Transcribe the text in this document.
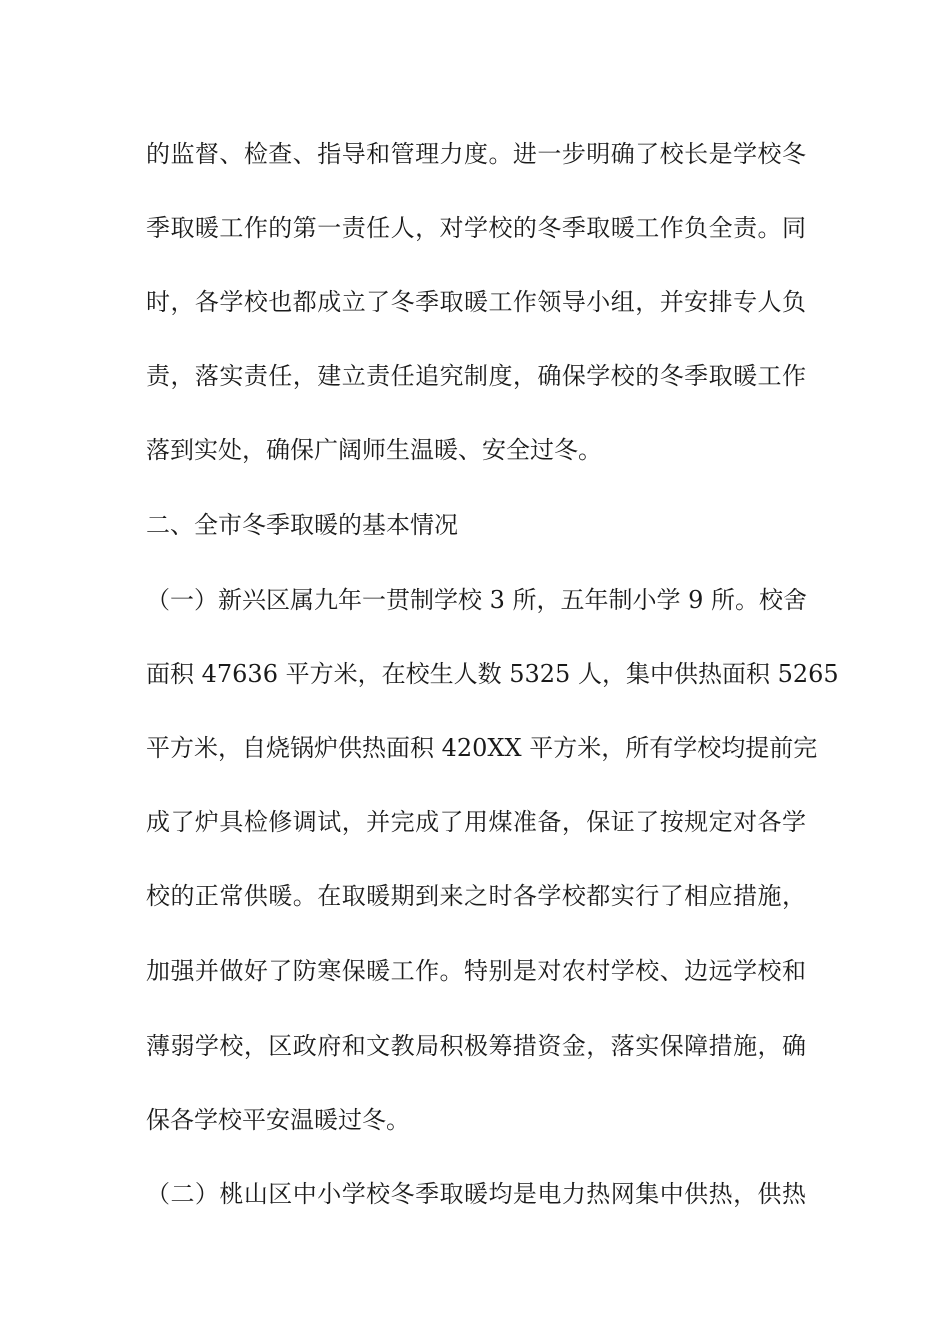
的监督、检查、指导和管理力度。进一步明确了校长是学校冬
季取暖工作的第一责任人，对学校的冬季取暖工作负全责。同
时，各学校也都成立了冬季取暖工作领导小组，并安排专人负
责，落实责任，建立责任追究制度，确保学校的冬季取暖工作
落到实处，确保广阔师生温暖、安全过冬。
二、全市冬季取暖的基本情况
（一）新兴区属九年一贯制学校 3 所，五年制小学 9 所。校舍
面积 47636 平方米，在校生人数 5325 人，集中供热面积 5265
平方米，自烧锅炉供热面积 420XX 平方米，所有学校均提前完
成了炉具检修调试，并完成了用煤准备，保证了按规定对各学
校的正常供暖。在取暖期到来之时各学校都实行了相应措施，
加强并做好了防寒保暖工作。特别是对农村学校、边远学校和
薄弱学校，区政府和文教局积极筹措资金，落实保障措施，确
保各学校平安温暖过冬。
（二）桃山区中小学校冬季取暖均是电力热网集中供热，供热
